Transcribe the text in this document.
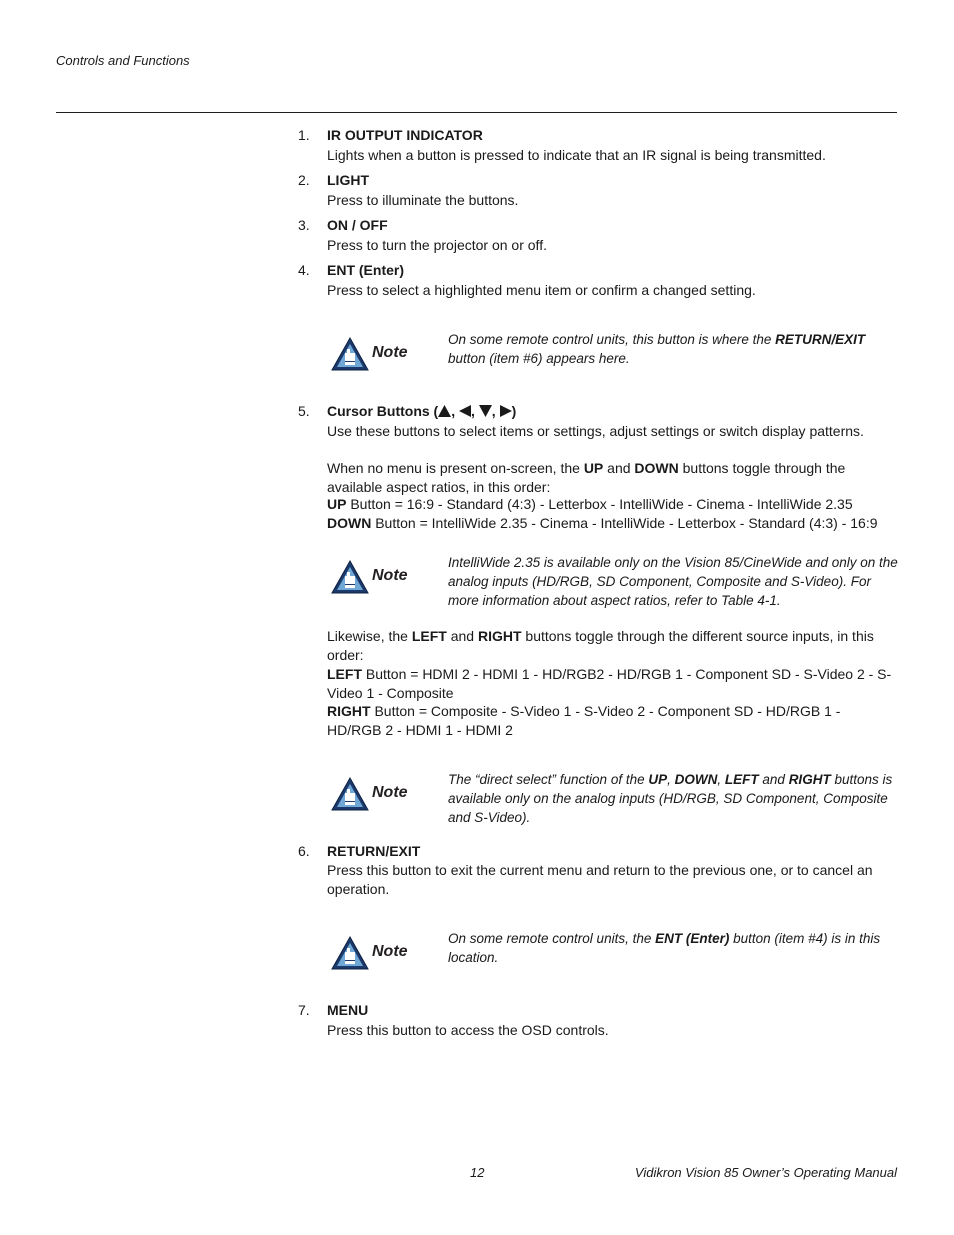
Controls and Functions
1. IR OUTPUT INDICATOR
Lights when a button is pressed to indicate that an IR signal is being transmitted.
2. LIGHT
Press to illuminate the buttons.
3. ON / OFF
Press to turn the projector on or off.
4. ENT (Enter)
Press to select a highlighted menu item or confirm a changed setting.
Note
On some remote control units, this button is where the RETURN/EXIT button (item #6) appears here.
5. Cursor Buttons ( , , , )
Use these buttons to select items or settings, adjust settings or switch display patterns.
When no menu is present on-screen, the UP and DOWN buttons toggle through the available aspect ratios, in this order:
UP Button = 16:9 - Standard (4:3) - Letterbox - IntelliWide - Cinema - IntelliWide 2.35
DOWN Button = IntelliWide 2.35 - Cinema - IntelliWide - Letterbox - Standard (4:3) - 16:9
Note
IntelliWide 2.35 is available only on the Vision 85/CineWide and only on the analog inputs (HD/RGB, SD Component, Composite and S-Video). For more information about aspect ratios, refer to Table 4-1.
Likewise, the LEFT and RIGHT buttons toggle through the different source inputs, in this order:
LEFT Button = HDMI 2 - HDMI 1 - HD/RGB2 - HD/RGB 1 - Component SD - S-Video 2 - S-Video 1 - Composite
RIGHT Button = Composite - S-Video 1 - S-Video 2 - Component SD - HD/RGB 1 - HD/RGB 2 - HDMI 1 - HDMI 2
Note
The “direct select” function of the UP, DOWN, LEFT and RIGHT buttons is available only on the analog inputs (HD/RGB, SD Component, Composite and S-Video).
6. RETURN/EXIT
Press this button to exit the current menu and return to the previous one, or to cancel an operation.
Note
On some remote control units, the ENT (Enter) button (item #4) is in this location.
7. MENU
Press this button to access the OSD controls.
12	Vidikron Vision 85 Owner’s Operating Manual
